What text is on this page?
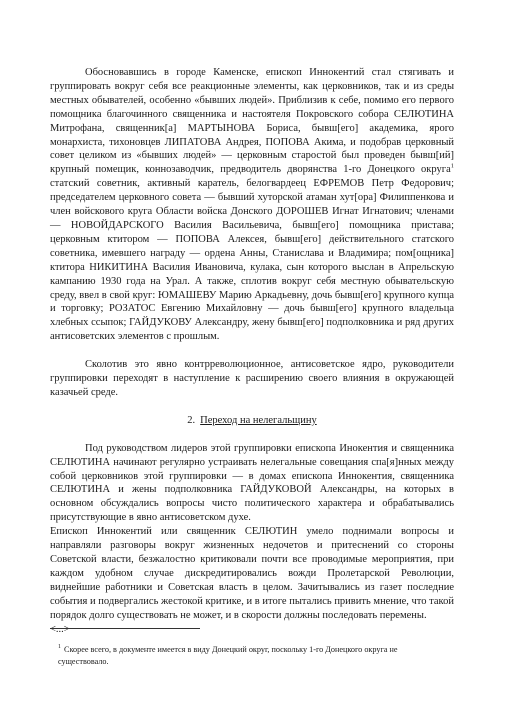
Обосновавшись в городе Каменске, епископ Иннокентий стал стягивать и группировать вокруг себя все реакционные элементы, как церковников, так и из среды местных обывателей, особенно «бывших людей». Приблизив к себе, помимо его первого помощника благочинного священника и настоятеля Покровского собора СЕЛЮТИНА Митрофана, священник[а] МАРТЫНОВА Бориса, бывш[его] академика, ярого монархиста, тихоновцев ЛИПАТОВА Андрея, ПОПОВА Акима, и подобрав церковный совет целиком из «бывших людей» — церковным старостой был проведен бывш[ий] крупный помещик, коннозаводчик, предводитель дворянства 1-го Донецкого округа$^1$ статский советник, активный каратель, белогвардеец ЕФРЕМОВ Петр Федорович; председателем церковного совета — бывший хуторской атаман хут[ора] Филиппенкова и член войскового круга Области войска Донского ДОРОШЕВ Игнат Игнатович; членами — НОВОЙДАРСКОГО Василия Васильевича, бывш[его] помощника пристава; церковным ктитором — ПОПОВА Алексея, бывш[его] действительного статского советника, имевшего награду — ордена Анны, Станислава и Владимира; пом[ощника] ктитора НИКИТИНА Василия Ивановича, кулака, сын которого выслан в Апрельскую кампанию 1930 года на Урал. А также, сплотив вокруг себя местную обывательскую среду, ввел в свой круг: ЮМАШЕВУ Марию Аркадьевну, дочь бывш[его] крупного купца и торговку; РОЗАТОС Евгению Михайловну — дочь бывш[его] крупного владельца хлебных ссыпок; ГАЙДУКОВУ Александру, жену бывш[его] подполковника и ряд других антисоветских элементов с прошлым.

Сколотив это явно контрреволюционное, антисоветское ядро, руководители группировки переходят в наступление к расширению своего влияния в окружающей казачьей среде.

2. Переход на нелегальщину

Под руководством лидеров этой группировки епископа Инокентия и священника СЕЛЮТИНА начинают регулярно устраивать нелегальные совещания спа[я]нных между собой церковников этой группировки — в домах епископа Иннокентия, священника СЕЛЮТИНА и жены подполковника ГАЙДУКОВОЙ Александры, на которых в основном обсуждались вопросы чисто политического характера и обрабатывались присутствующие в явно антисоветском духе.

Епископ Иннокентий или священник СЕЛЮТИН умело поднимали вопросы и направляли разговоры вокруг жизненных недочетов и притеснений со стороны Советской власти, безжалостно критиковали почти все проводимые мероприятия, при каждом удобном случае дискредитировались вожди Пролетарской Революции, виднейшие работники и Советская власть в целом. Зачитывались из газет последние события и подвергались жестокой критике, и в итоге пытались привить мнение, что такой порядок долго существовать не может, и в скорости должны последовать перемены.

<...>

$^1$ Скорее всего, в документе имеется в виду Донецкий округ, поскольку 1-го Донецкого округа не существовало.
